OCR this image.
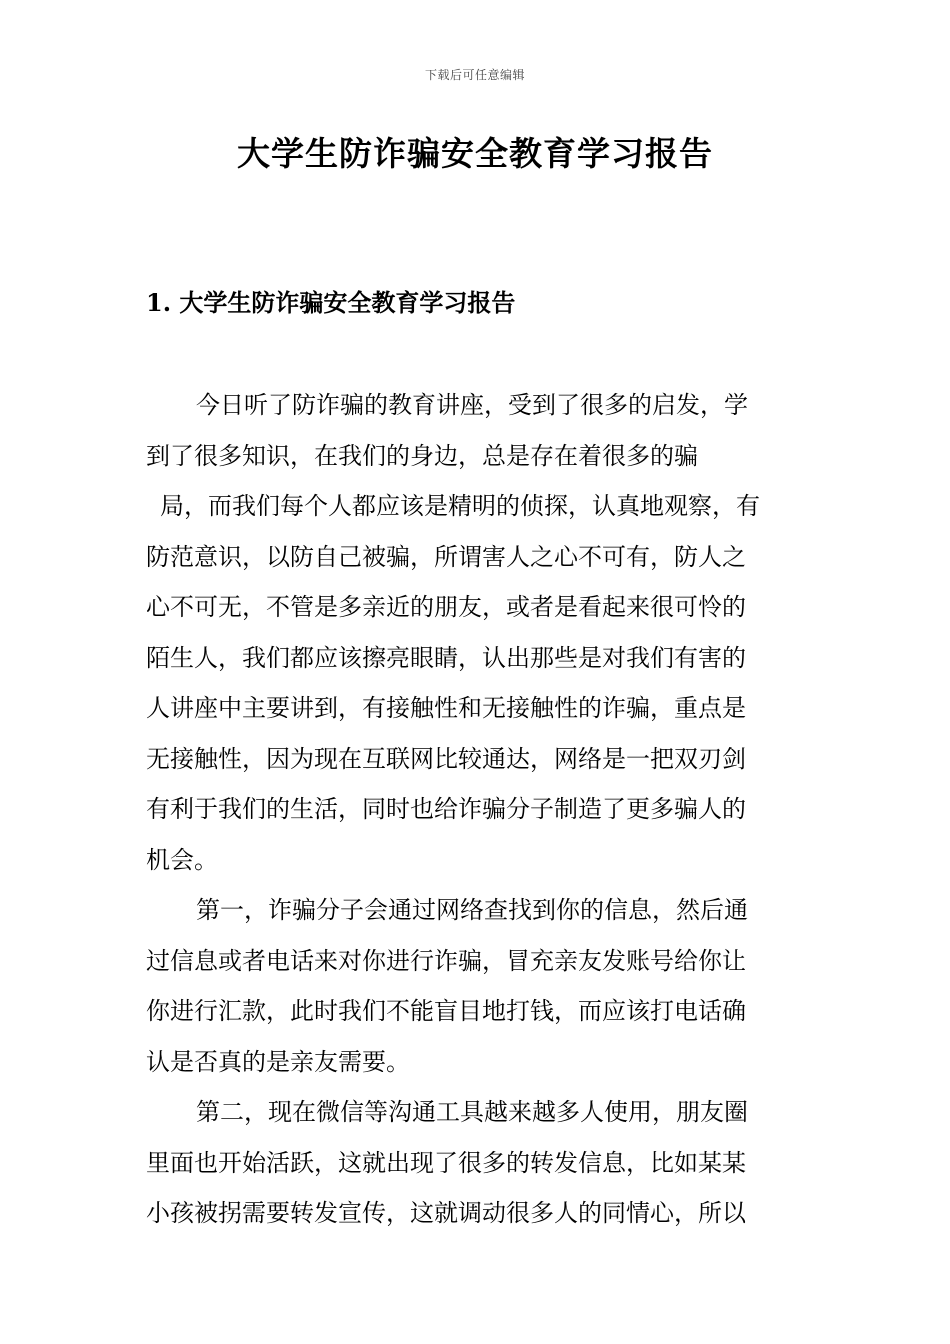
下载后可任意编辑
大学生防诈骗安全教育学习报告
1. 大学生防诈骗安全教育学习报告
今日听了防诈骗的教育讲座，受到了很多的启发，学
到了很多知识，在我们的身边，总是存在着很多的骗
局，而我们每个人都应该是精明的侦探，认真地观察，有
防范意识，以防自己被骗，所谓害人之心不可有，防人之
心不可无，不管是多亲近的朋友，或者是看起来很可怜的
陌生人，我们都应该擦亮眼睛，认出那些是对我们有害的
人讲座中主要讲到，有接触性和无接触性的诈骗，重点是
无接触性，因为现在互联网比较通达，网络是一把双刃剑
有利于我们的生活，同时也给诈骗分子制造了更多骗人的
机会。
第一，诈骗分子会通过网络查找到你的信息，然后通
过信息或者电话来对你进行诈骗，冒充亲友发账号给你让
你进行汇款，此时我们不能盲目地打钱，而应该打电话确
认是否真的是亲友需要。
第二，现在微信等沟通工具越来越多人使用，朋友圈
里面也开始活跃，这就出现了很多的转发信息，比如某某
小孩被拐需要转发宣传，这就调动很多人的同情心，所以
